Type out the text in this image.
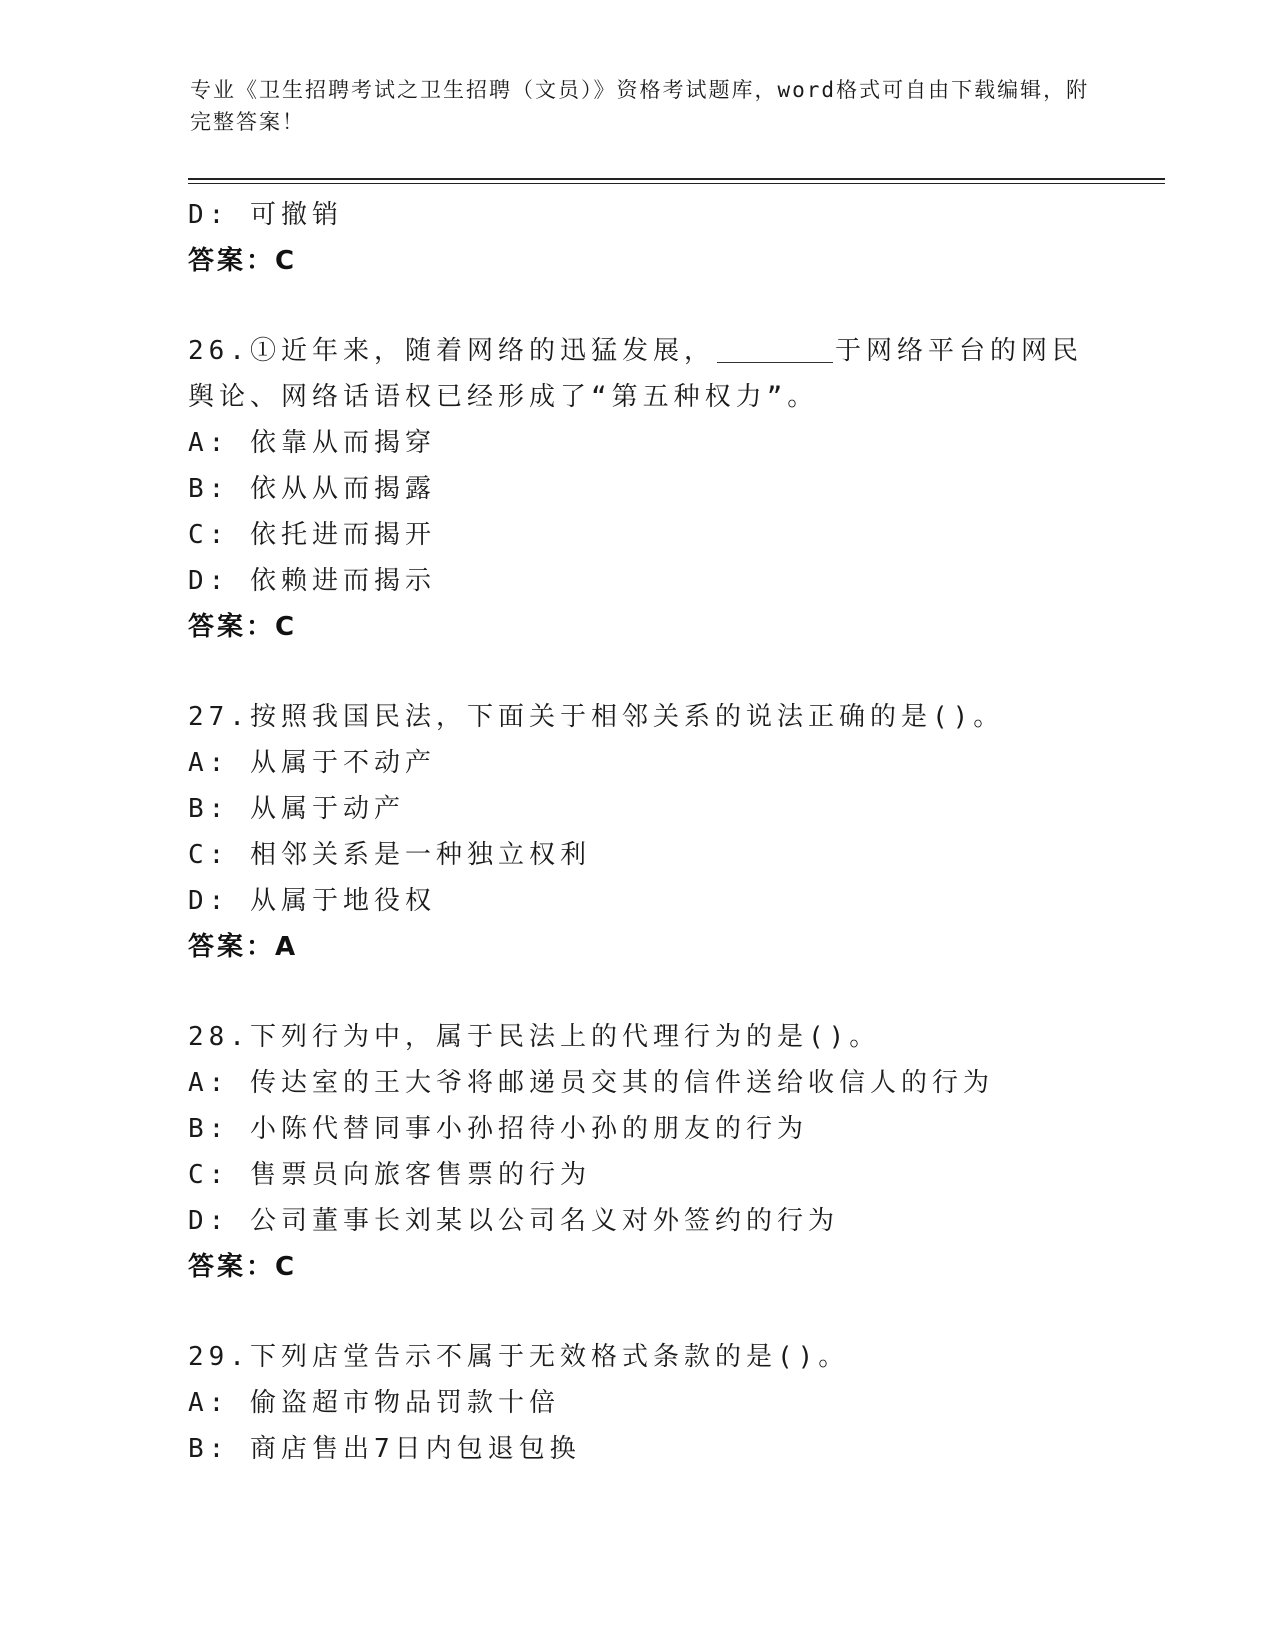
专业《卫生招聘考试之卫生招聘（文员）》资格考试题库，word格式可自由下载编辑，附完整答案！
D: 可撤销
答案：C
26.①近年来，随着网络的迅猛发展，	于网络平台的网民舆论、网络话语权已经形成了“第五种权力”。
A: 依靠从而揭穿
B: 依从从而揭露
C: 依托进而揭开
D: 依赖进而揭示
答案：C
27.按照我国民法，下面关于相邻关系的说法正确的是()。
A: 从属于不动产
B: 从属于动产
C: 相邻关系是一种独立权利
D: 从属于地役权
答案：A
28.下列行为中，属于民法上的代理行为的是()。
A: 传达室的王大爷将邮递员交其的信件送给收信人的行为
B: 小陈代替同事小孙招待小孙的朋友的行为
C: 售票员向旅客售票的行为
D: 公司董事长刘某以公司名义对外签约的行为
答案：C
29.下列店堂告示不属于无效格式条款的是()。
A: 偷盗超市物品罚款十倍
B: 商店售出7日内包退包换
